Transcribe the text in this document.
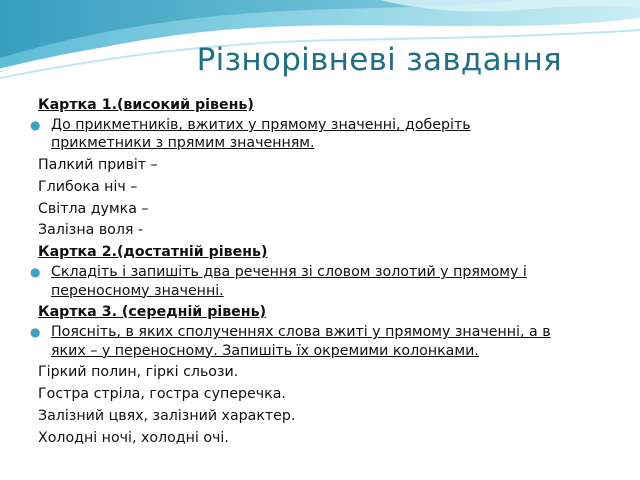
Різнорівневі завдання
Картка 1.(високий рівень)
● До прикметників, вжитих у прямому значенні, доберіть
прикметники з прямим значенням.
Палкий привіт –
Глибока ніч –
Світла думка –
Залізна воля -
Картка 2.(достатній рівень)
● Складіть і запишіть два речення зі словом золотий у прямому і
переносному значенні.
Картка 3. (середній рівень)
● Поясніть, в яких сполученнях слова вжиті у прямому значенні, а в
яких – у переносному. Запишіть їх окремими колонками.
Гіркий полин, гіркі сльози.
Гостра стріла, гостра суперечка.
Залізний цвях, залізний характер.
Холодні ночі, холодні очі.
